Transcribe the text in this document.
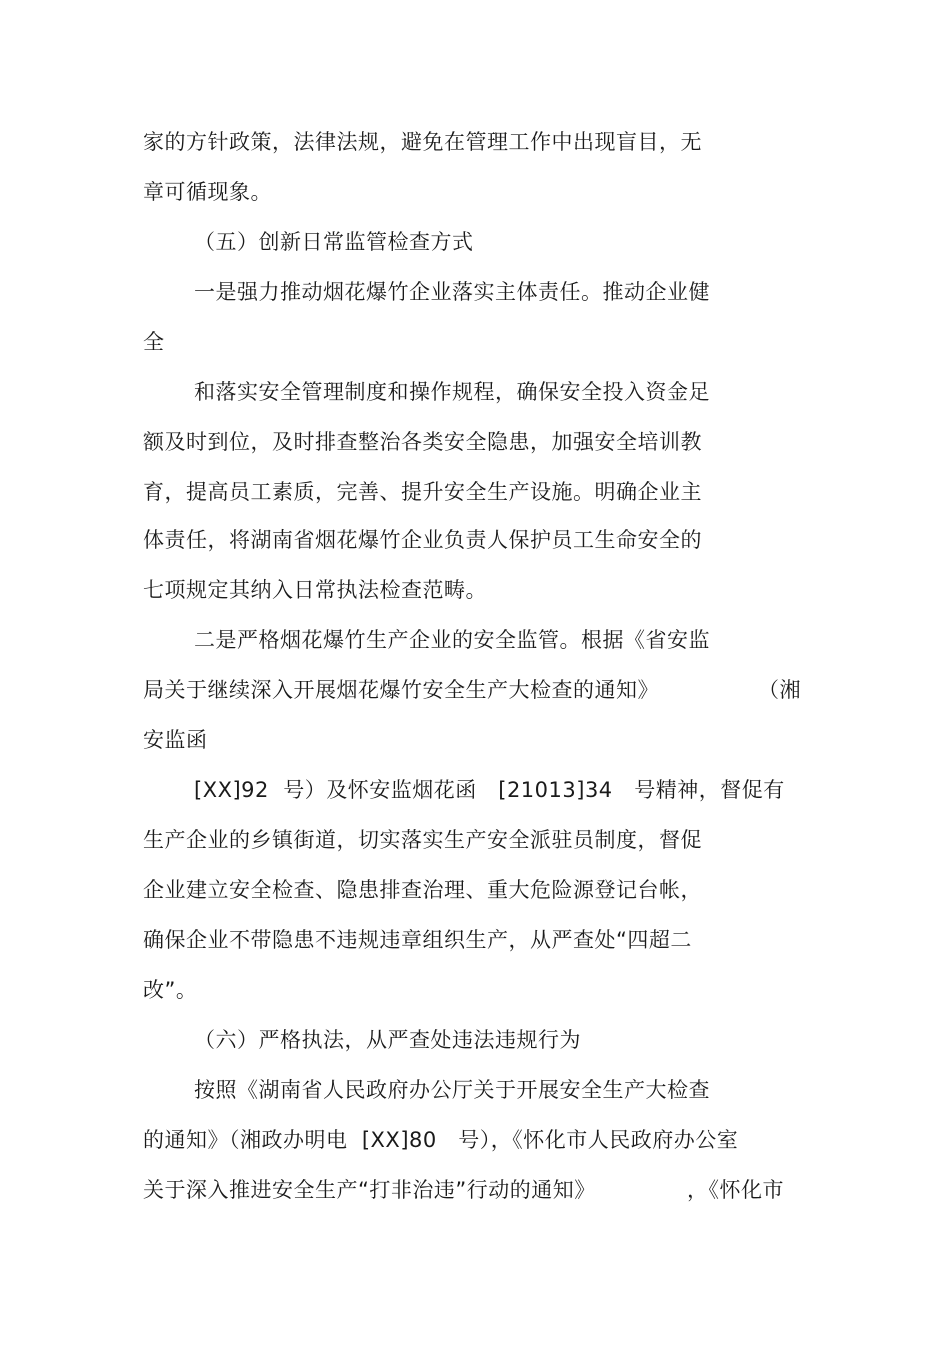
家的方针政策，法律法规，避免在管理工作中出现盲目，无
章可循现象。
（五）创新日常监管检查方式
一是强力推动烟花爆竹企业落实主体责任。推动企业健
全
和落实安全管理制度和操作规程，确保安全投入资金足
额及时到位，及时排查整治各类安全隐患，加强安全培训教
育，提高员工素质，完善、提升安全生产设施。明确企业主
体责任，将湖南省烟花爆竹企业负责人保护员工生命安全的
七项规定其纳入日常执法检查范畴。
二是严格烟花爆竹生产企业的安全监管。根据《省安监
局关于继续深入开展烟花爆竹安全生产大检查的通知》	（湘
安监函
[XX]92  号）及怀安监烟花函   [21013]34   号精神，督促有
生产企业的乡镇街道，切实落实生产安全派驻员制度，督促
企业建立安全检查、隐患排查治理、重大危险源登记台帐，
确保企业不带隐患不违规违章组织生产，从严查处“四超二
改”。
（六）严格执法，从严查处违法违规行为
按照《湖南省人民政府办公厅关于开展安全生产大检查
的通知》（湘政办明电  [XX]80   号），《怀化市人民政府办公室
关于深入推进安全生产“打非治违”行动的通知》	，《怀化市
